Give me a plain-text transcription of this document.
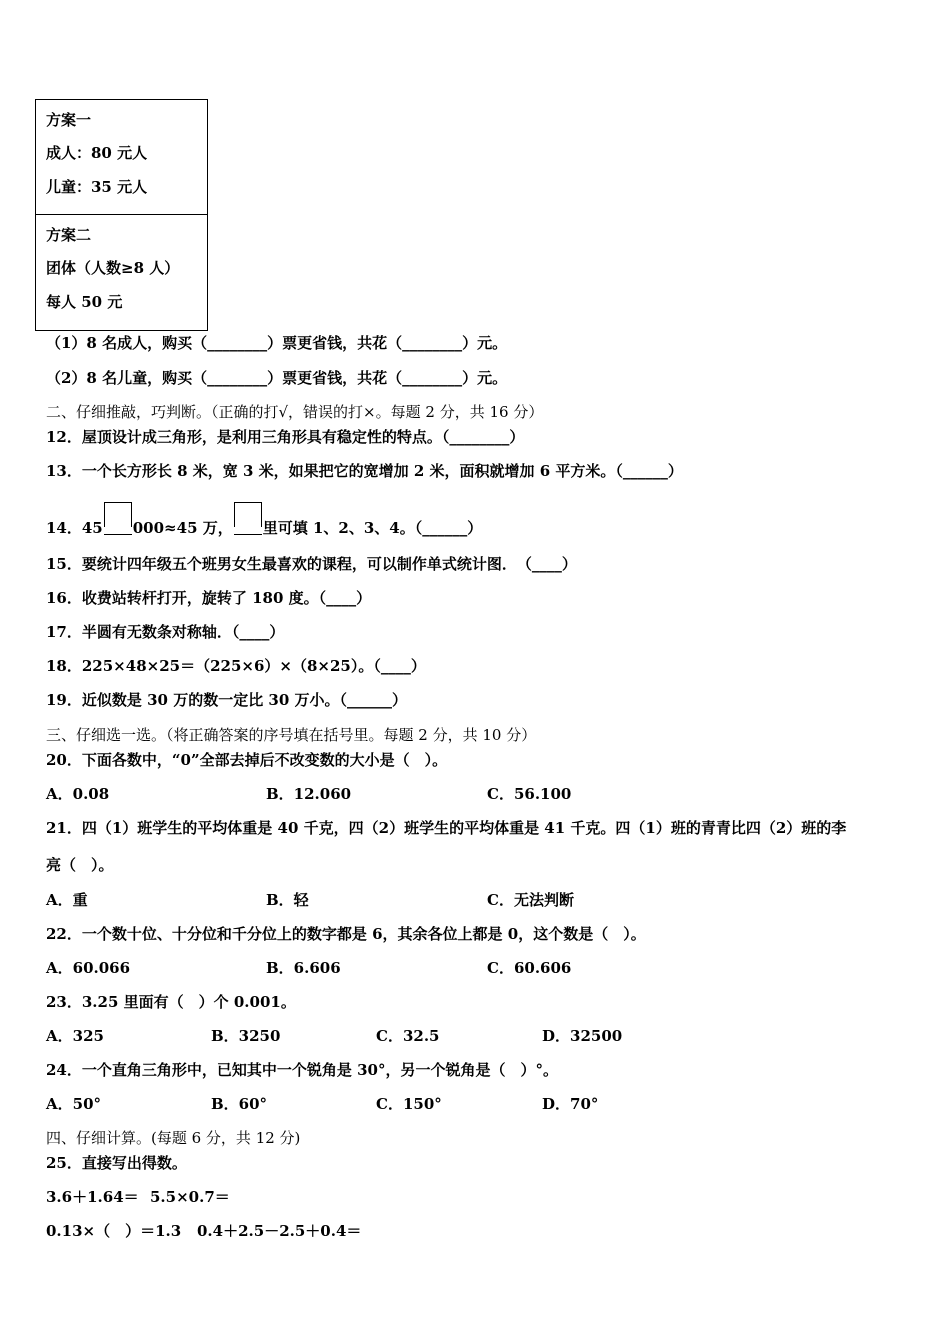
方案一
成人：80 元人
儿童：35 元人
方案二
团体（人数≥8 人）
每人 50 元
（1）8 名成人，购买（________）票更省钱，共花（________）元。
（2）8 名儿童，购买（________）票更省钱，共花（________）元。
二、仔细推敲，巧判断。（正确的打√，错误的打×。每题 2 分，共 16 分）
12．屋顶设计成三角形，是利用三角形具有稳定性的特点。（________）
13．一个长方形长 8 米，宽 3 米，如果把它的宽增加 2 米，面积就增加 6 平方米。（______）
14．45 000≈45 万， 里可填 1、2、3、4。（______）
15．要统计四年级五个班男女生最喜欢的课程，可以制作单式统计图．　（____）
16．收费站转杆打开，旋转了 180 度。（____）
17．半圆有无数条对称轴．（____）
18．225×48×25＝（225×6）×（8×25）。（____）
19．近似数是 30 万的数一定比 30 万小。（______）
三、仔细选一选。（将正确答案的序号填在括号里。每题 2 分，共 10 分）
20．下面各数中，“0”全部去掉后不改变数的大小是（　）。
A．0.08	B．12.060	C．56.100
21．四（1）班学生的平均体重是 40 千克，四（2）班学生的平均体重是 41 千克。四（1）班的青青比四（2）班的李
亮（　）。
A．重	B．轻	C．无法判断
22．一个数十位、十分位和千分位上的数字都是 6，其余各位上都是 0，这个数是（　）。
A．60.066	B．6.606	C．60.606
23．3.25 里面有（　）个 0.001。
A．325	B．3250	C．32.5	D．32500
24．一个直角三角形中，已知其中一个锐角是 30°，另一个锐角是（　）°。
A．50°	B．60°	C．150°	D．70°
四、仔细计算。(每题 6 分，共 12 分)
25．直接写出得数。
3.6＋1.64＝ 5.5×0.7＝
0.13×（　）＝1.3 0.4＋2.5－2.5＋0.4＝
